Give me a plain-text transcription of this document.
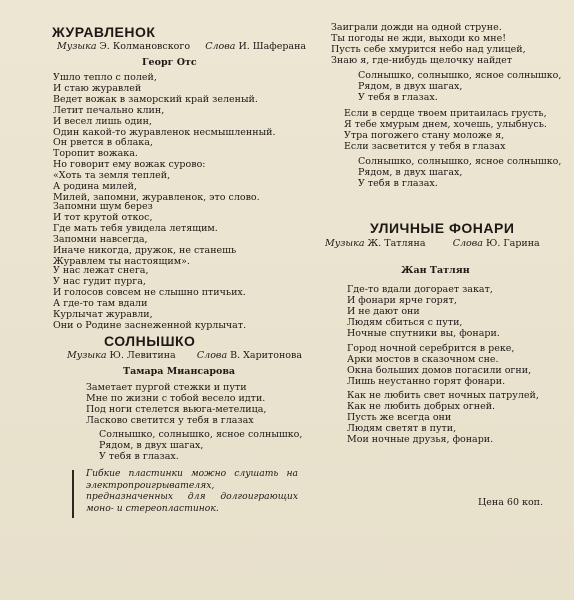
ЖУРАВЛЕНОК
Музыка Э. Колмановского Слова И. Шаферана
Георг Отс
Ушло тепло с полей,
И стаю журавлей
Ведет вожак в заморский край зеленый.
Летит печально клин,
И весел лишь один,
Один какой-то журавленок несмышленный.
Он рвется в облака,
Торопит вожака.
Но говорит ему вожак сурово:
«Хоть та земля теплей,
А родина милей,
Милей, запомни, журавленок, это слово.
Запомни шум берез
И тот крутой откос,
Где мать тебя увидела летящим.
Запомни навсегда,
Иначе никогда, дружок, не станешь
Журавлем ты настоящим».
У нас лежат снега,
У нас гудит пурга,
И голосов совсем не слышно птичьих.
А где-то там вдали
Курлычат журавли,
Они о Родине заснеженной курлычат.
СОЛНЫШКО
Музыка Ю. Левитина Слова В. Харитонова
Тамара Миансарова
Заметает пургой стежки и пути
Мне по жизни с тобой весело идти.
Под ноги стелется вьюга-метелица,
Ласково светится у тебя в глазах
Солнышко, солнышко, ясное солнышко,
Рядом, в двух шагах,
У тебя в глазах.
Заиграли дожди на одной струне.
Ты погоды не жди, выходи ко мне!
Пусть себе хмурится небо над улицей,
Знаю я, где-нибудь щелочку найдет
Солнышко, солнышко, ясное солнышко,
Рядом, в двух шагах,
У тебя в глазах.
Если в сердце твоем притаилась грусть,
Я тебе хмурым днем, хочешь, улыбнусь.
Утра погожего стану моложе я,
Если засветится у тебя в глазах
Солнышко, солнышко, ясное солнышко,
Рядом, в двух шагах,
У тебя в глазах.
УЛИЧНЫЕ ФОНАРИ
Музыка Ж. Татляна	Слова Ю. Гарина
Жан Татлян
Где-то вдали догорает закат,
И фонари ярче горят,
И не дают они
Людям сбиться с пути,
Ночные спутники вы, фонари.
Город ночной серебрится в реке,
Арки мостов в сказочном сне.
Окна больших домов погасили огни,
Лишь неустанно горят фонари.
Как не любить свет ночных патрулей,
Как не любить добрых огней.
Пусть же всегда они
Людям светят в пути,
Мои ночные друзья, фонари.
Гибкие пластинки можно слушать на электропроигрывателях, предназначенных для долгоиграющих моно- и стереопластинок.	Цена 60 коп.
